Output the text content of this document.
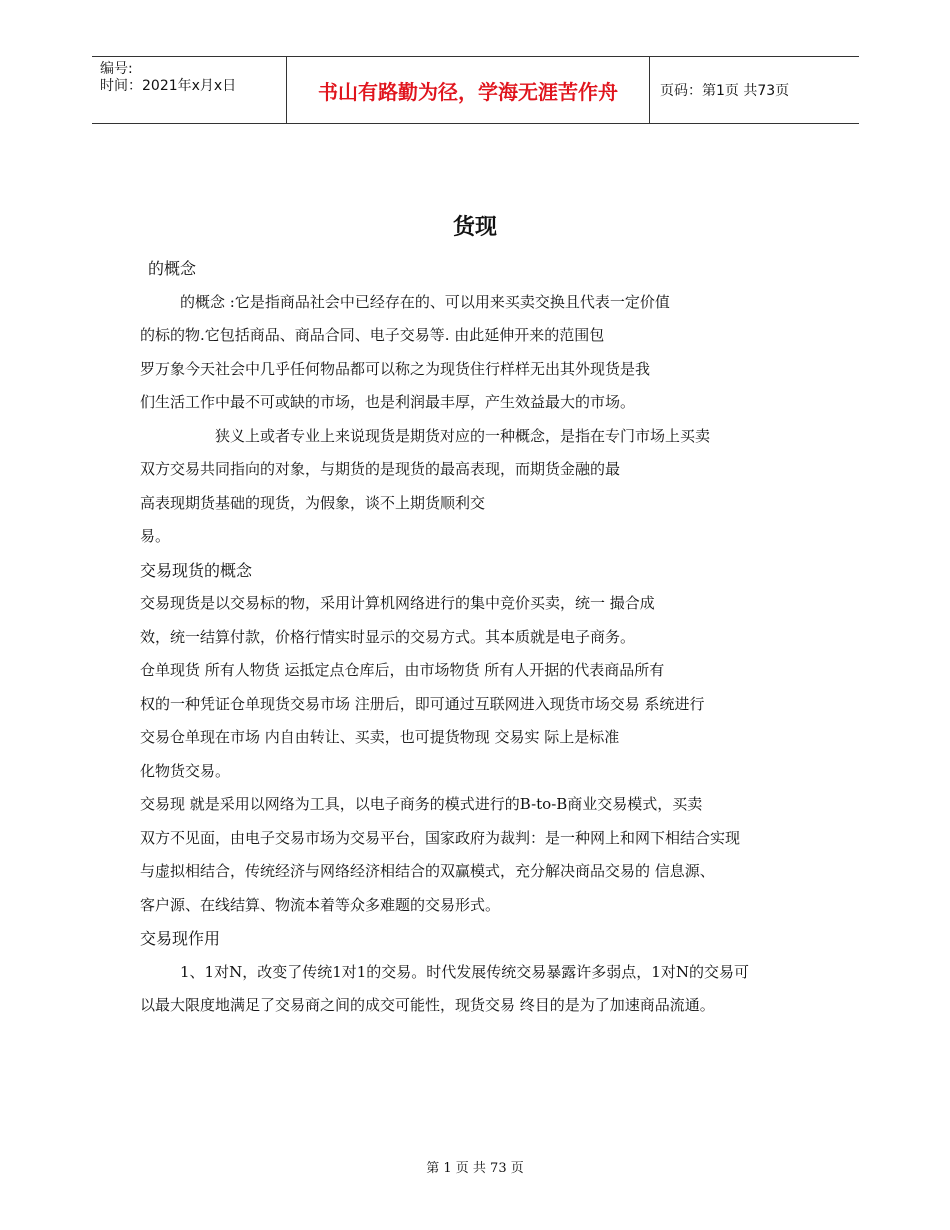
编号:
时间：2021年x月x日	书山有路勤为径，学海无涯苦作舟	页码：第1页 共73页
货现
的概念
的概念 :它是指商品社会中已经存在的、可以用来买卖交换且代表一定价值
的标的物.它包括商品、商品合同、电子交易等. 由此延伸开来的范围包
罗万象今天社会中几乎任何物品都可以称之为现货住行样样无出其外现货是我
们生活工作中最不可或缺的市场，也是利润最丰厚，产生效益最大的市场。
狭义上或者专业上来说现货是期货对应的一种概念，是指在专门市场上买卖
双方交易共同指向的对象，与期货的是现货的最高表现，而期货金融的最
高表现期货基础的现货，为假象，谈不上期货顺利交
易。
交易现货的概念
交易现货是以交易标的物，采用计算机网络进行的集中竞价买卖，统一 撮合成
效，统一结算付款，价格行情实时显示的交易方式。其本质就是电子商务。
仓单现货 所有人物货 运抵定点仓库后，由市场物货 所有人开据的代表商品所有
权的一种凭证仓单现货交易市场 注册后，即可通过互联网进入现货市场交易 系统进行
交易仓单现在市场 内自由转让、买卖，也可提货物现 交易实 际上是标准
化物货交易。
交易现 就是采用以网络为工具，以电子商务的模式进行的B-to-B商业交易模式，买卖
双方不见面，由电子交易市场为交易平台，国家政府为裁判：是一种网上和网下相结合实现
与虚拟相结合，传统经济与网络经济相结合的双赢模式，充分解决商品交易的 信息源、
客户源、在线结算、物流本着等众多难题的交易形式。
交易现作用
1、1对N，改变了传统1对1的交易。时代发展传统交易暴露许多弱点，1对N的交易可
以最大限度地满足了交易商之间的成交可能性，现货交易 终目的是为了加速商品流通。
第 1 页 共 73 页
